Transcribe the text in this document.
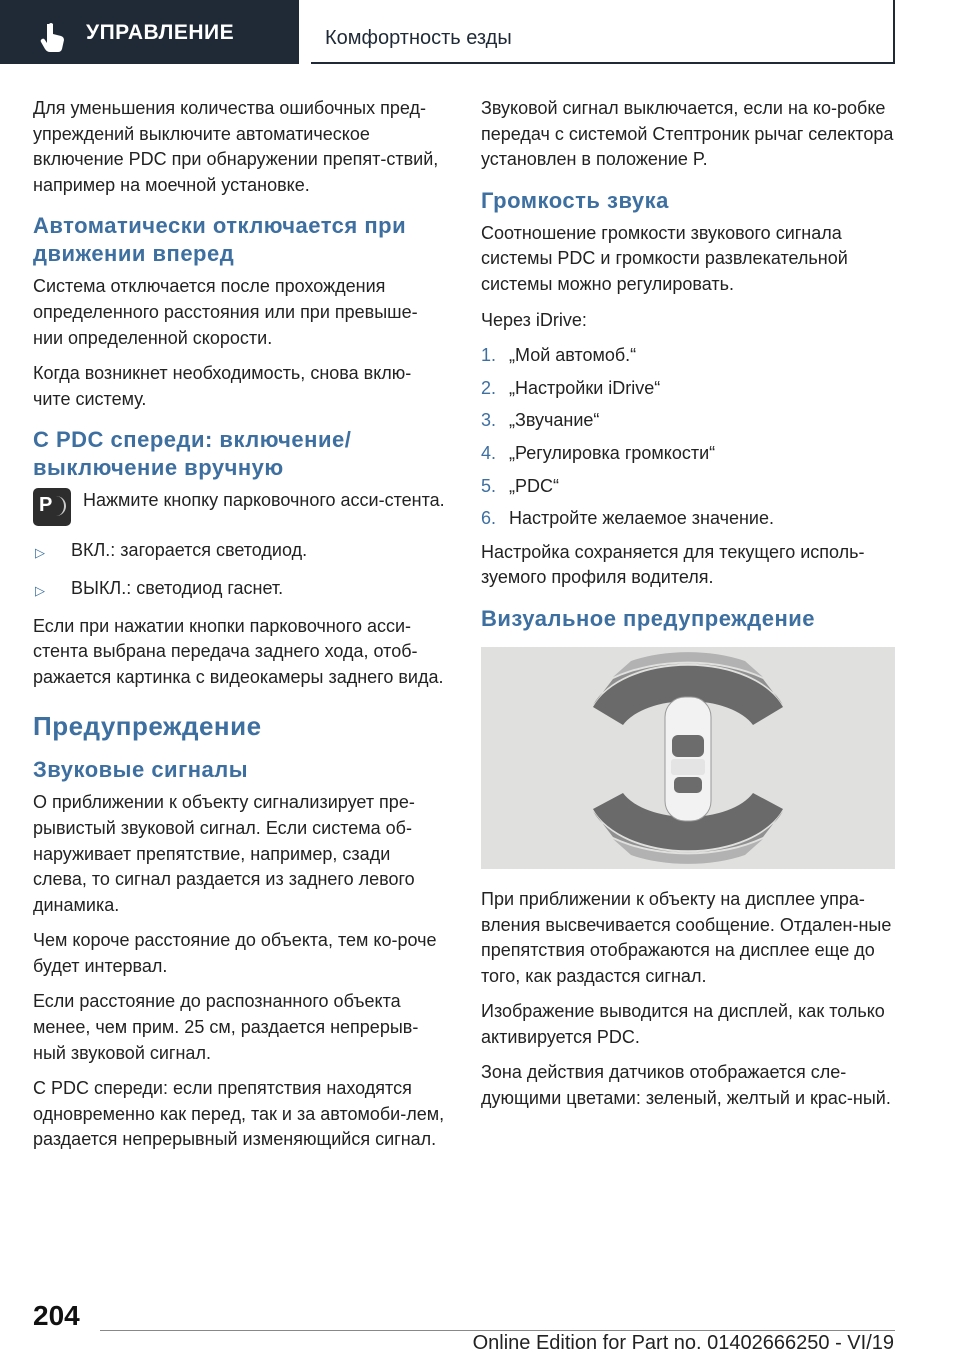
УПРАВЛЕНИЕ	Комфортность езды

Для уменьшения количества ошибочных пред‐упреждений выключите автоматическое включение PDC при обнаружении препят‐ствий, например на моечной установке.

Автоматически отключается при движении вперед

Система отключается после прохождения определенного расстояния или при превыше‐нии определенной скорости.

Когда возникнет необходимость, снова вклю‐чите систему.

С PDC спереди: включение/ выключение вручную
P Нажмите кнопку парковочного асси‐стента.

▷	ВКЛ.: загорается светодиод.
▷	ВЫКЛ.: светодиод гаснет.

Если при нажатии кнопки парковочного асси‐стента выбрана передача заднего хода, отоб‐ражается картинка с видеокамеры заднего вида.

Предупреждение
Звуковые сигналы

О приближении к объекту сигнализирует пре‐рывистый звуковой сигнал. Если система об‐наруживает препятствие, например, сзади слева, то сигнал раздается из заднего левого динамика.

Чем короче расстояние до объекта, тем ко‐роче будет интервал.

Если расстояние до распознанного объекта менее, чем прим. 25 см, раздается непрерыв‐ный звуковой сигнал.

С PDC спереди: если препятствия находятся одновременно как перед, так и за автомоби‐лем, раздается непрерывный изменяющийся сигнал.

Звуковой сигнал выключается, если на ко‐робке передач с системой Стептроник рычаг селектора установлен в положение P.

Громкость звука

Соотношение громкости звукового сигнала системы PDC и громкости развлекательной системы можно регулировать.

Через iDrive:

1. „Мой автомоб.“
2. „Настройки iDrive“
3. „Звучание“
4. „Регулировка громкости“
5. „PDC“
6. Настройте желаемое значение.

Настройка сохраняется для текущего исполь‐зуемого профиля водителя.

Визуальное предупреждение

При приближении к объекту на дисплее упра‐вления высвечивается сообщение. Отдален‐ные препятствия отображаются на дисплее еще до того, как раздастся сигнал.

Изображение выводится на дисплей, как только активируется PDC.

Зона действия датчиков отображается сле‐дующими цветами: зеленый, желтый и крас‐ный.

204
Online Edition for Part no. 01402666250 - VI/19
